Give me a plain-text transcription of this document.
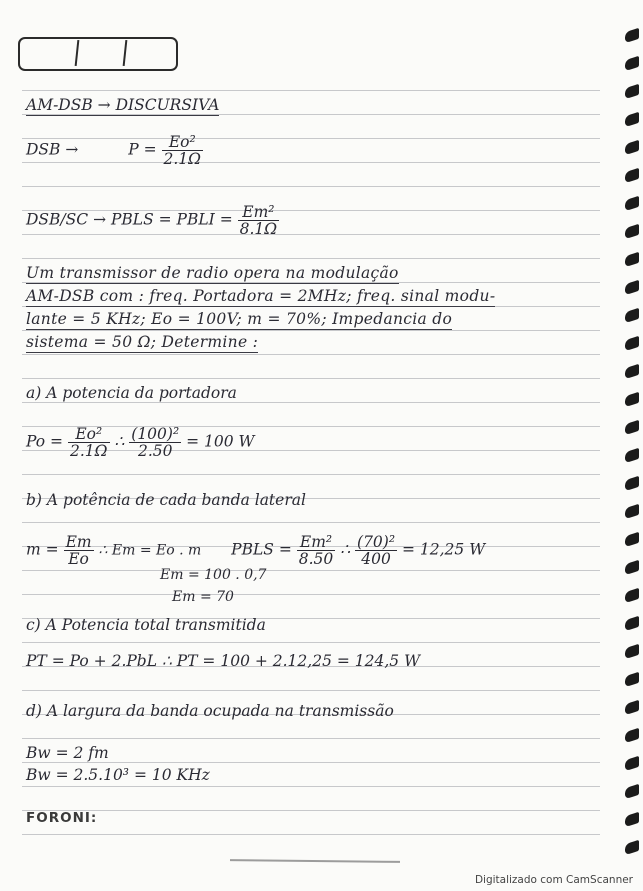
AM-DSB → DISCURSIVA
DSB →	$P = \frac{\text{Eo²}}{2.1\Omega}$
DSB/SC → PBLS = PBLI = $\frac{\text{Em²}}{8.1\Omega}$
Um transmissor de radio opera na modulação
AM-DSB com : freq. Portadora = 2MHz; freq. sinal modu-
lante = 5 KHz; Eo = 100V; m = 70%; Impedancia do
sistema = 50 Ω; Determine :
a) A potencia da portadora
$Po = \frac{\text{Eo²}}{2.1\Omega}$ ∴ $\frac{\text{(100)²}}{2.50} = 100$ W
b) A potência de cada banda lateral
$m = \frac{Em}{Eo}$ ∴ Em = Eo . m PBLS = $\frac{\text{Em²}}{8.50}$ ∴ $\frac{\text{(70)²}}{400} = 12,25$ W
Em = 100 . 0,7
Em = 70
c) A Potencia total transmitida
PT = Po + 2.PbL ∴ PT = 100 + 2.12,25 = 124,5 W
d) A largura da banda ocupada na transmissão
Bw = 2 fm
Bw = 2.5.10³ = 10 KHz
FORONI:
Digitalizado com CamScanner
